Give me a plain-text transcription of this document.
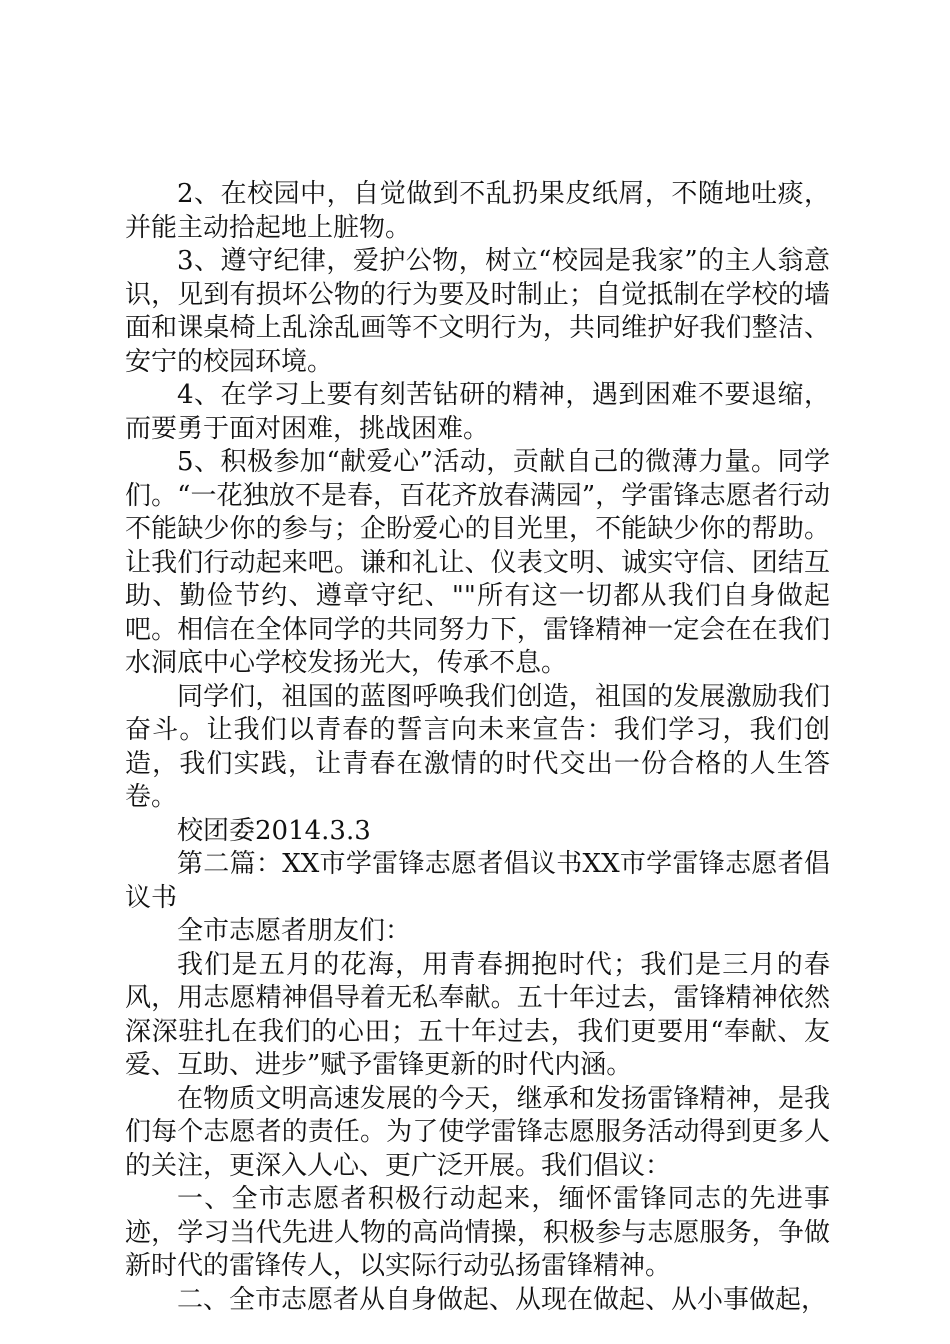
2、在校园中，自觉做到不乱扔果皮纸屑，不随地吐痰，并能主动拾起地上脏物。

3、遵守纪律，爱护公物，树立“校园是我家”的主人翁意识，见到有损坏公物的行为要及时制止；自觉抵制在学校的墙面和课桌椅上乱涂乱画等不文明行为，共同维护好我们整洁、安宁的校园环境。

4、在学习上要有刻苦钻研的精神，遇到困难不要退缩，而要勇于面对困难，挑战困难。

5、积极参加“献爱心”活动，贡献自己的微薄力量。同学们。“一花独放不是春，百花齐放春满园”，学雷锋志愿者行动不能缺少你的参与；企盼爱心的目光里，不能缺少你的帮助。让我们行动起来吧。谦和礼让、仪表文明、诚实守信、团结互助、勤俭节约、遵章守纪、""所有这一切都从我们自身做起吧。相信在全体同学的共同努力下，雷锋精神一定会在在我们水洞底中心学校发扬光大，传承不息。

同学们，祖国的蓝图呼唤我们创造，祖国的发展激励我们奋斗。让我们以青春的誓言向未来宣告：我们学习，我们创造，我们实践，让青春在激情的时代交出一份合格的人生答卷。

校团委2014.3.3

第二篇：XX市学雷锋志愿者倡议书XX市学雷锋志愿者倡议书

全市志愿者朋友们：

我们是五月的花海，用青春拥抱时代；我们是三月的春风，用志愿精神倡导着无私奉献。五十年过去，雷锋精神依然深深驻扎在我们的心田；五十年过去，我们更要用“奉献、友爱、互助、进步”赋予雷锋更新的时代内涵。

在物质文明高速发展的今天，继承和发扬雷锋精神，是我们每个志愿者的责任。为了使学雷锋志愿服务活动得到更多人的关注，更深入人心、更广泛开展。我们倡议：

一、全市志愿者积极行动起来，缅怀雷锋同志的先进事迹，学习当代先进人物的高尚情操，积极参与志愿服务，争做新时代的雷锋传人，以实际行动弘扬雷锋精神。

二、全市志愿者从自身做起、从现在做起、从小事做起，
